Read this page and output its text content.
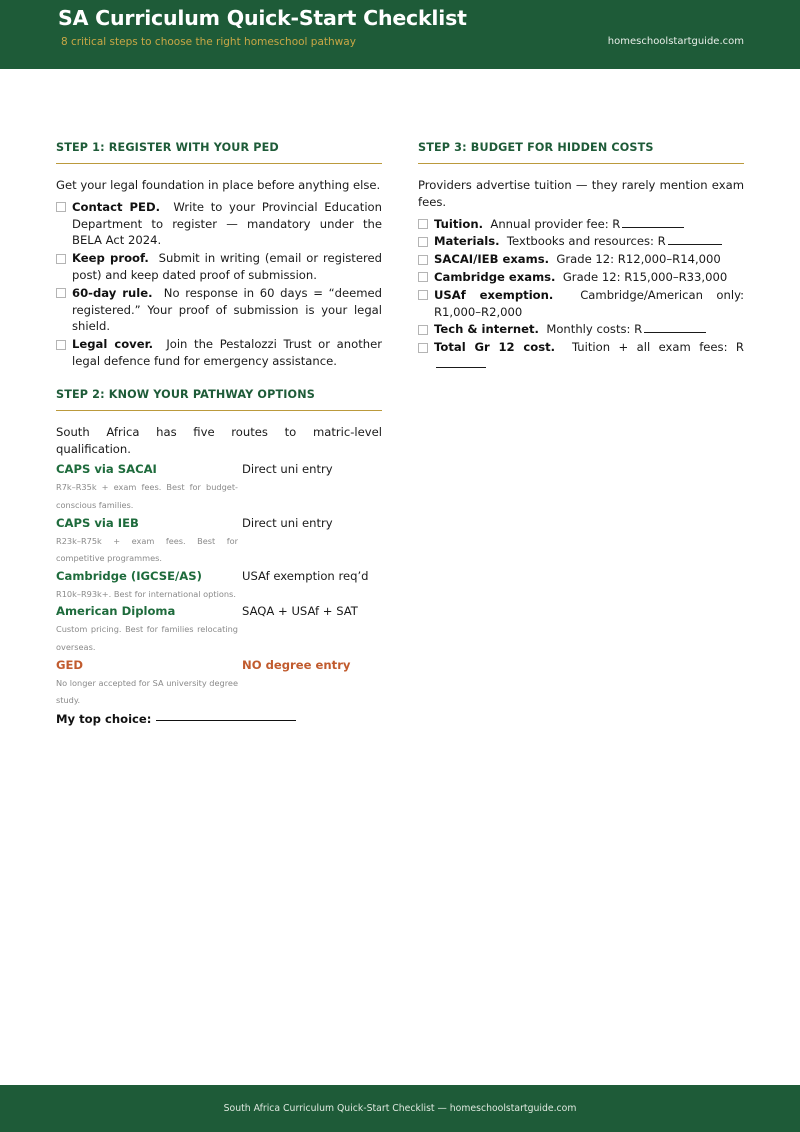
SA Curriculum Quick-Start Checklist
8 critical steps to choose the right homeschool pathway	homeschoolstartguide.com
STEP 1: REGISTER WITH YOUR PED

Get your legal foundation in place before anything else.

Contact PED.  Write to your Provincial Education Department to register — mandatory under the BELA Act 2024.
Keep proof.  Submit in writing (email or registered post) and keep dated proof of submission.
60-day rule.  No response in 60 days = “deemed registered.” Your proof of submission is your legal shield.
Legal cover.  Join the Pestalozzi Trust or another legal defence fund for emergency assistance.
STEP 2: KNOW YOUR PATHWAY OPTIONS

South Africa has five routes to matric-level qualification.

CAPS via SACAI	Direct uni entry
R7k–R35k + exam fees. Best for budget-conscious families.
CAPS via IEB	Direct uni entry
R23k–R75k + exam fees. Best for competitive programmes.
Cambridge (IGCSE/AS)	USAf exemption req’d
R10k–R93k+. Best for international options.
American Diploma	SAQA + USAf + SAT
Custom pricing. Best for families relocating overseas.
GED	NO degree entry
No longer accepted for SA university degree study.
My top choice:
STEP 3: BUDGET FOR HIDDEN COSTS

Providers advertise tuition — they rarely mention exam fees.

Tuition.  Annual provider fee: R
Materials.  Textbooks and resources: R
SACAI/IEB exams.  Grade 12: R12,000–R14,000
Cambridge exams.  Grade 12: R15,000–R33,000
USAf exemption.  Cambridge/American only: R1,000–R2,000
Tech & internet.  Monthly costs: R
Total Gr 12 cost.  Tuition + all exam fees: R
South Africa Curriculum Quick-Start Checklist — homeschoolstartguide.com
